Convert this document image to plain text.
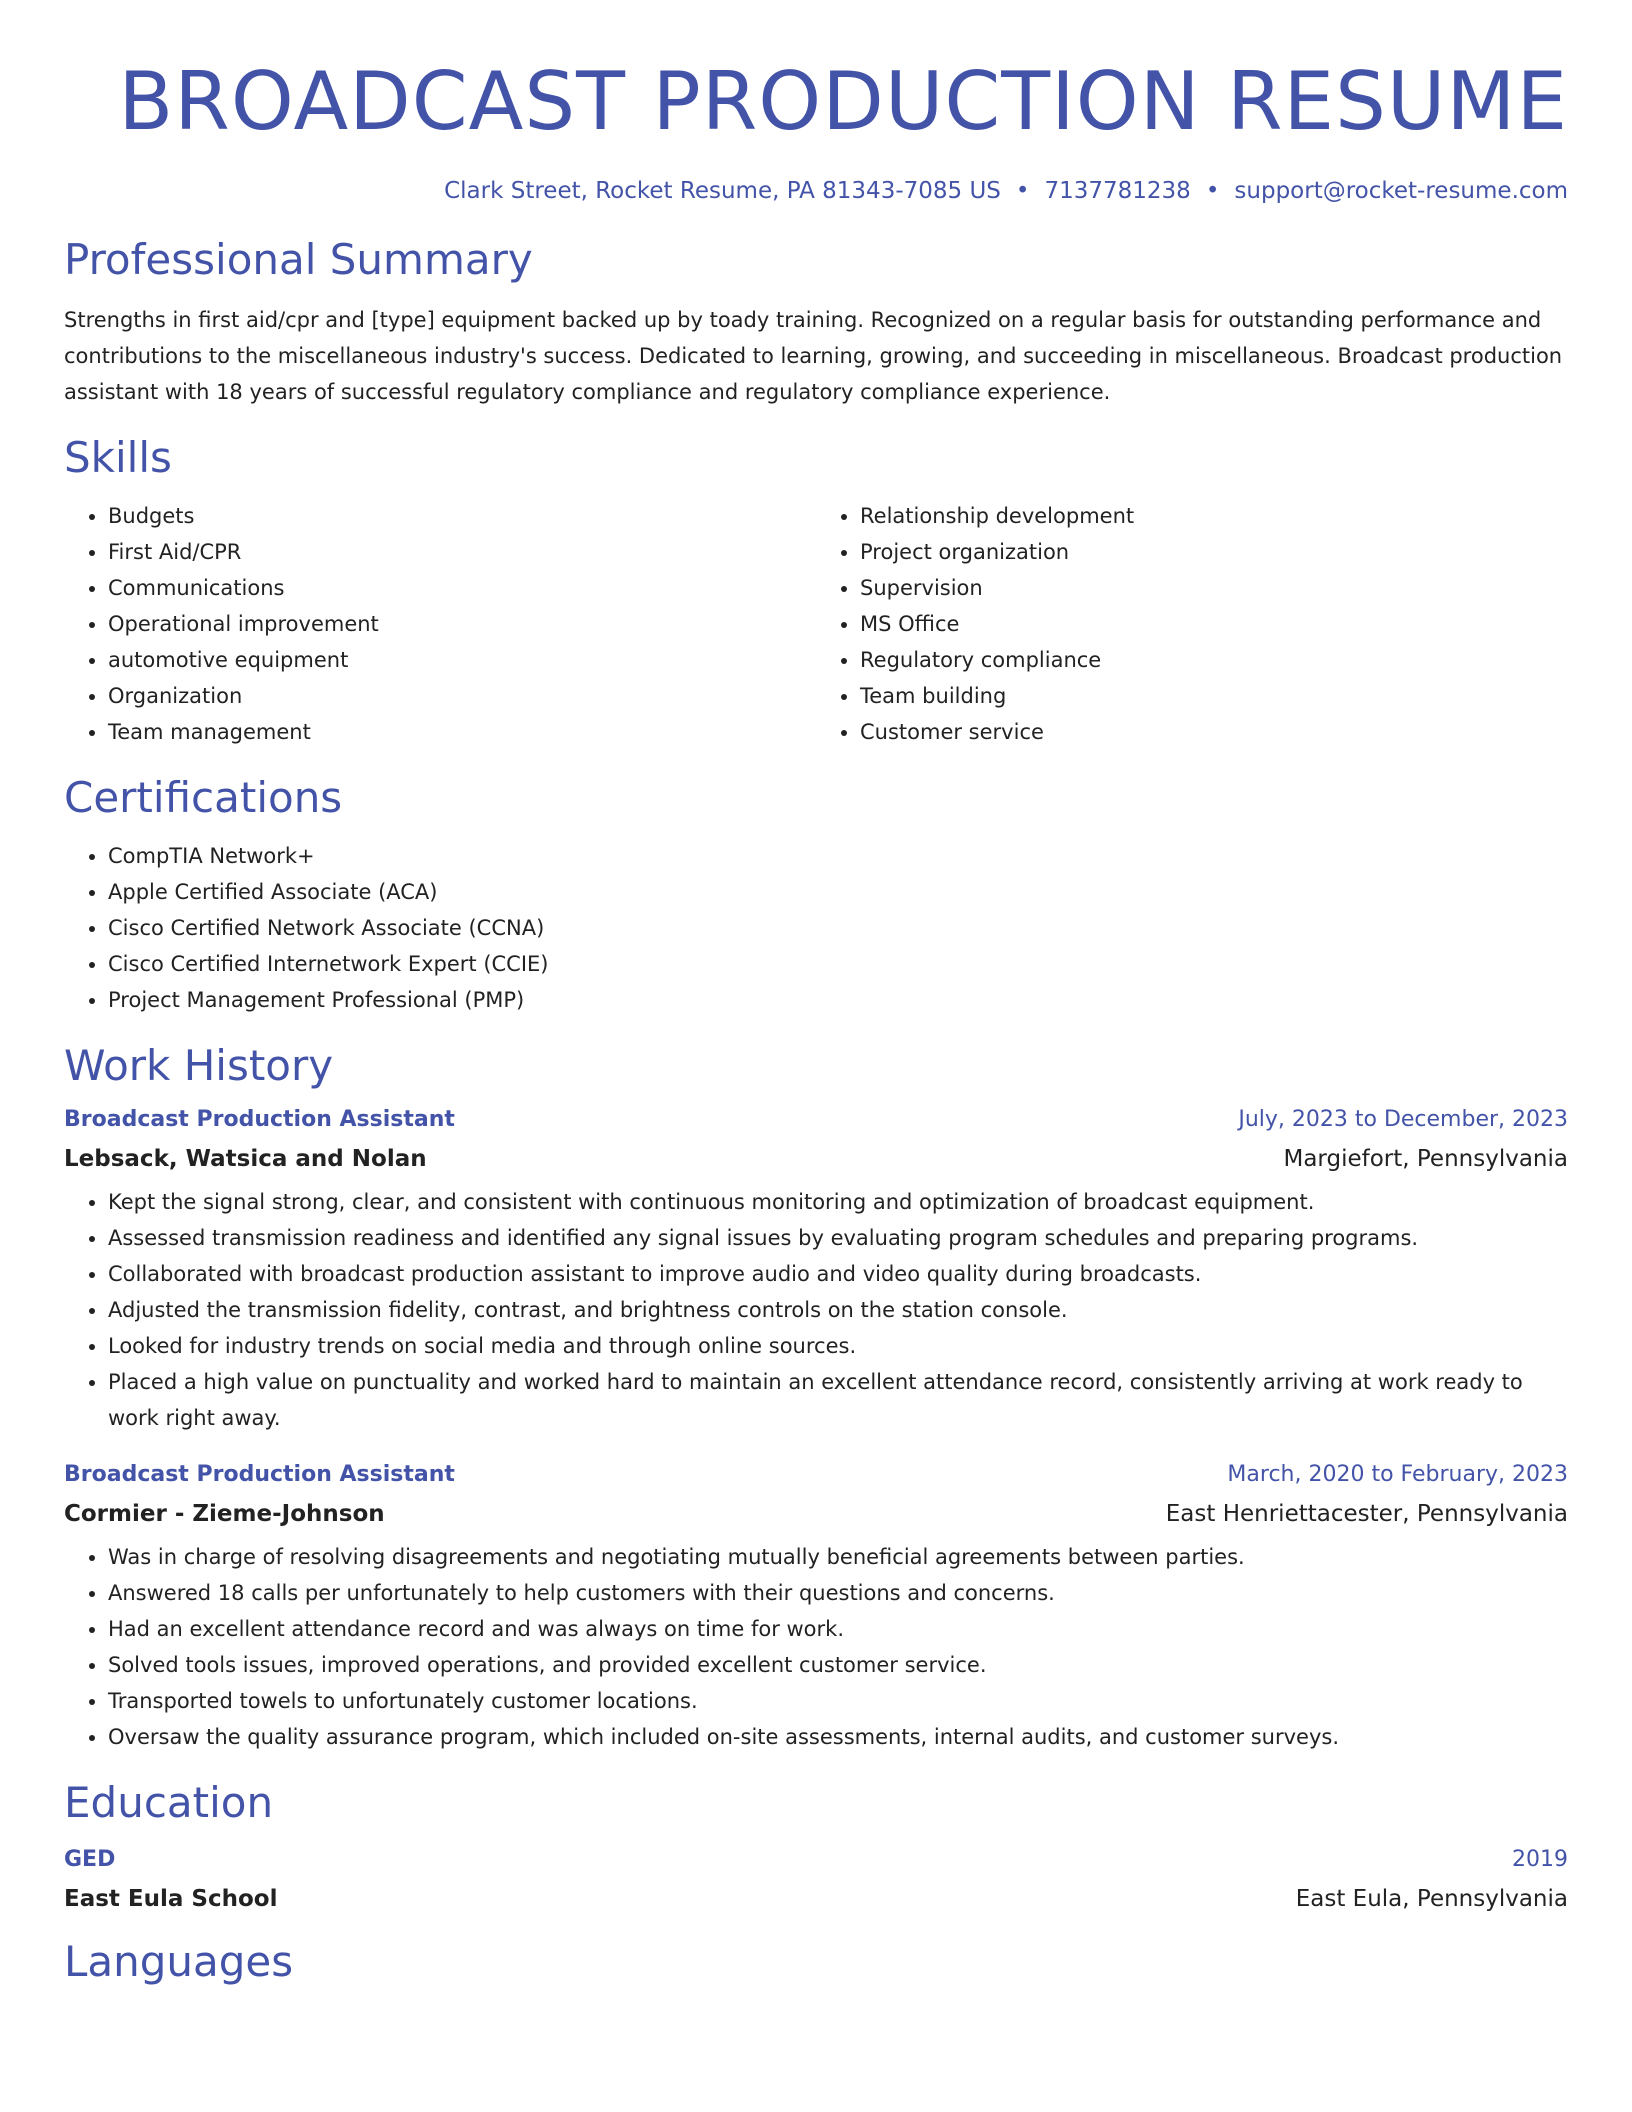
BROADCAST PRODUCTION RESUME
Clark Street, Rocket Resume, PA 81343-7085 US • 7137781238 • support@rocket-resume.com
Professional Summary

Strengths in first aid/cpr and [type] equipment backed up by toady training. Recognized on a regular basis for outstanding performance and contributions to the miscellaneous industry's success. Dedicated to learning, growing, and succeeding in miscellaneous. Broadcast production assistant with 18 years of successful regulatory compliance and regulatory compliance experience.

Skills
• Budgets
• First Aid/CPR
• Communications
• Operational improvement
• automotive equipment
• Organization
• Team management
• Relationship development
• Project organization
• Supervision
• MS Office
• Regulatory compliance
• Team building
• Customer service
Certifications
• CompTIA Network+
• Apple Certified Associate (ACA)
• Cisco Certified Network Associate (CCNA)
• Cisco Certified Internetwork Expert (CCIE)
• Project Management Professional (PMP)
Work History
Broadcast Production Assistant	July, 2023 to December, 2023
Lebsack, Watsica and Nolan	Margiefort, Pennsylvania
• Kept the signal strong, clear, and consistent with continuous monitoring and optimization of broadcast equipment.
• Assessed transmission readiness and identified any signal issues by evaluating program schedules and preparing programs.
• Collaborated with broadcast production assistant to improve audio and video quality during broadcasts.
• Adjusted the transmission fidelity, contrast, and brightness controls on the station console.
• Looked for industry trends on social media and through online sources.
• Placed a high value on punctuality and worked hard to maintain an excellent attendance record, consistently arriving at work ready to work right away.
Broadcast Production Assistant	March, 2020 to February, 2023
Cormier - Zieme-Johnson	East Henriettacester, Pennsylvania
• Was in charge of resolving disagreements and negotiating mutually beneficial agreements between parties.
• Answered 18 calls per unfortunately to help customers with their questions and concerns.
• Had an excellent attendance record and was always on time for work.
• Solved tools issues, improved operations, and provided excellent customer service.
• Transported towels to unfortunately customer locations.
• Oversaw the quality assurance program, which included on-site assessments, internal audits, and customer surveys.
Education
GED	2019
East Eula School	East Eula, Pennsylvania
Languages
